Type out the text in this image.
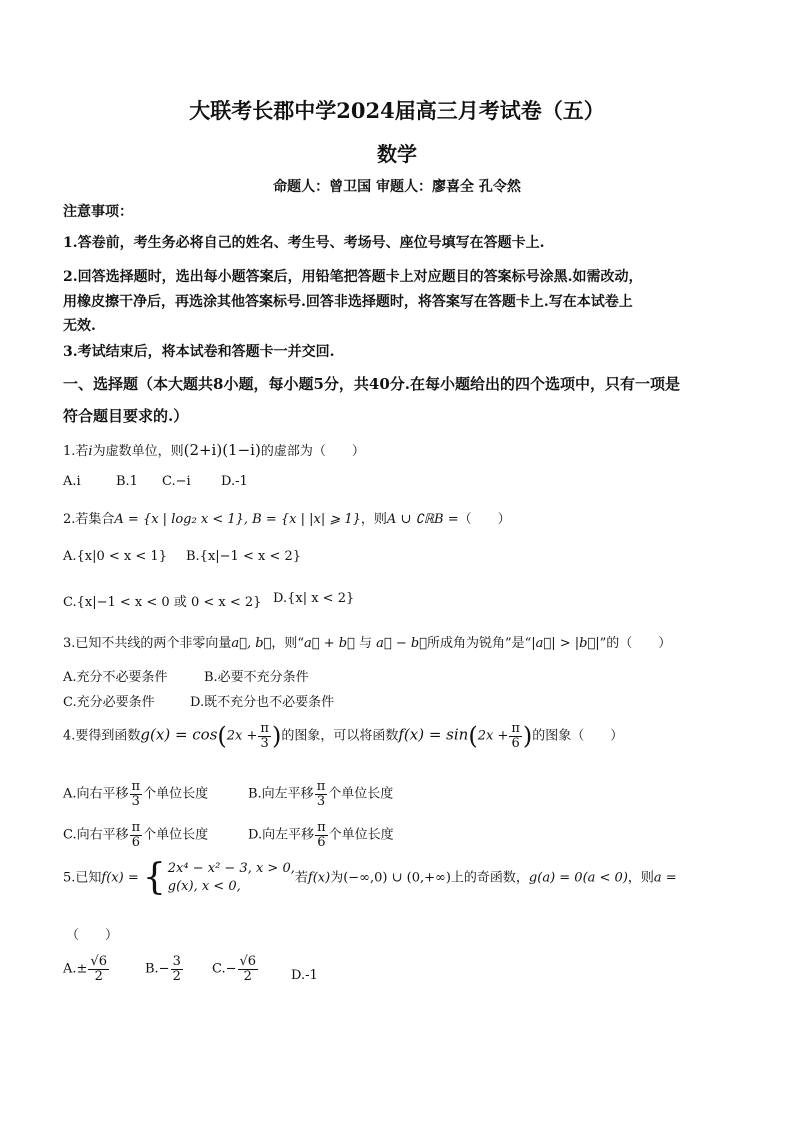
大联考长郡中学2024届高三月考试卷（五）
数学
命题人：曾卫国 审题人：廖喜全 孔令然
注意事项：
1.答卷前，考生务必将自己的姓名、考生号、考场号、座位号填写在答题卡上.
2.回答选择题时，选出每小题答案后，用铅笔把答题卡上对应题目的答案标号涂黑.如需改动，
用橡皮擦干净后，再选涂其他答案标号.回答非选择题时，将答案写在答题卡上.写在本试卷上
无效.
3.考试结束后，将本试卷和答题卡一并交回.
一、选择题（本大题共8小题，每小题5分，共40分.在每小题给出的四个选项中，只有一项是
符合题目要求的.）
1.若i为虚数单位，则(2+i)(1−i)的虚部为（　　）
A.i	B.1 C.−i D.-1
2.若集合A = {x | log₂ x < 1}, B = {x | |x| ⩾ 1}，则A ∪ ∁ℝB =（　　）
A.{x|0 < x < 1} B.{x|−1 < x < 2}
C.{x|−1 < x < 0 或 0 < x < 2} D.{x| x < 2}
3.已知不共线的两个非零向量a⃗, b⃗，则“a⃗ + b⃗ 与 a⃗ − b⃗所成角为锐角”是“|a⃗| > |b⃗|”的（　　）
A.充分不必要条件	B.必要不充分条件
C.充分必要条件	D.既不充分也不必要条件
4.要得到函数$g(x) = \cos(2x + \frac{\pi}{3}$ )的图象，可以将函数$f(x) = \sin(2x + \frac{\pi}{6}$ )的图象（　　）
A.向右平移 $\frac{\pi}{3}$ 个单位长度	B.向左平移 $\frac{\pi}{3}$ 个单位长度
C.向右平移 $\frac{\pi}{6}$ 个单位长度	D.向左平移 $\frac{\pi}{6}$ 个单位长度
5.已知f(x) = { 2x⁴ − x² − 3, x > 0,
g(x), x < 0,
若f(x)为(−∞,0) ∪ (0,+∞)上的奇函数，g(a) = 0(a < 0)，则a =
（　　）
$A.\pm \frac{√6}{2}$	$B.- \frac{3}{2} C.- \frac{√6}{2}$	D.-1
